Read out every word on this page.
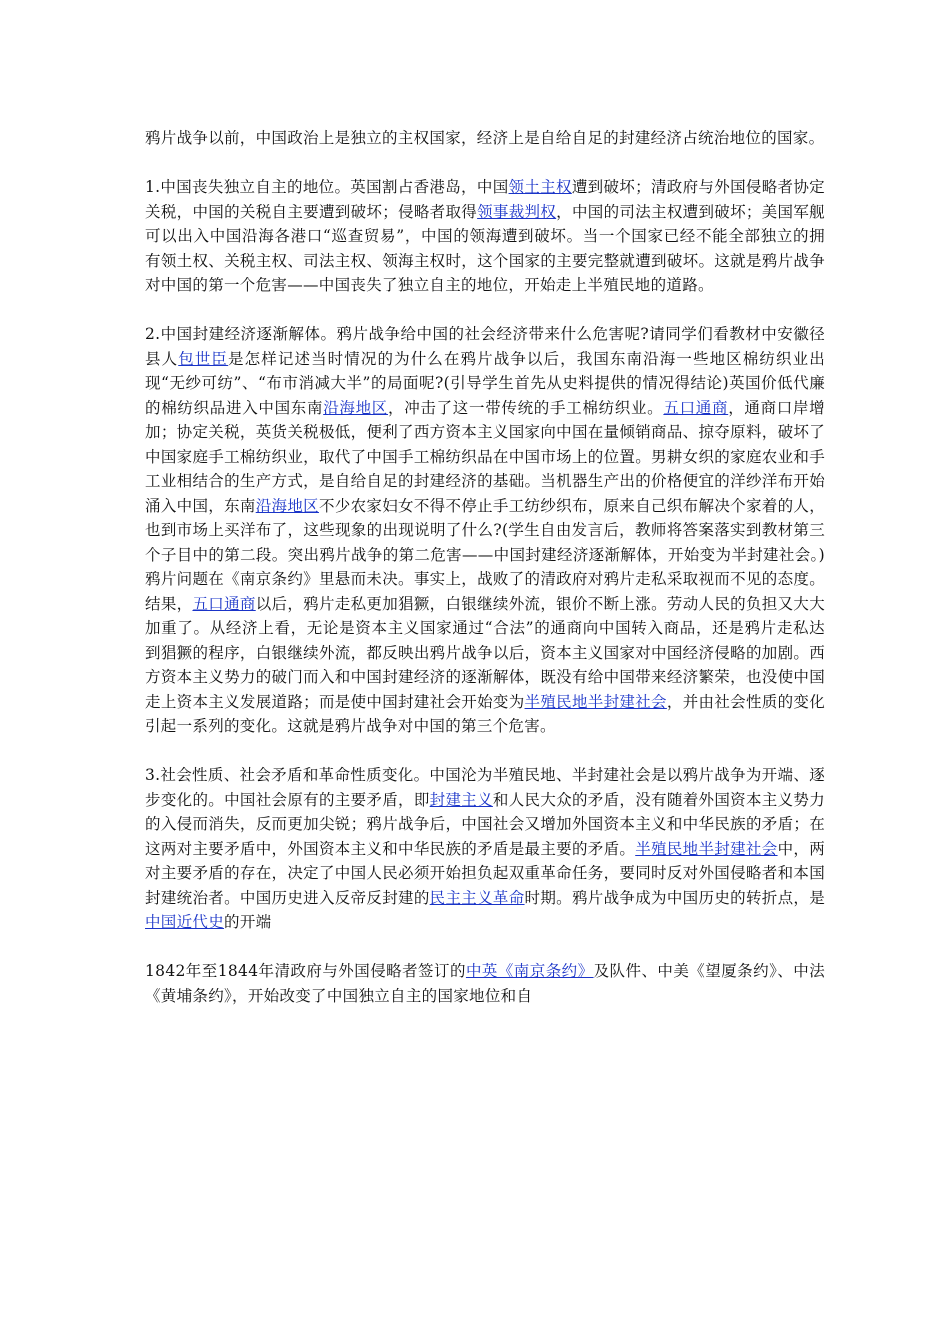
鸦片战争以前，中国政治上是独立的主权国家，经济上是自给自足的封建经济占统治地位的国家。

1.中国丧失独立自主的地位。英国割占香港岛，中国领土主权遭到破坏；清政府与外国侵略者协定关税，中国的关税自主要遭到破坏；侵略者取得领事裁判权，中国的司法主权遭到破坏；美国军舰可以出入中国沿海各港口“巡查贸易”，中国的领海遭到破坏。当一个国家已经不能全部独立的拥有领土权、关税主权、司法主权、领海主权时，这个国家的主要完整就遭到破坏。这就是鸦片战争对中国的第一个危害——中国丧失了独立自主的地位，开始走上半殖民地的道路。

2.中国封建经济逐渐解体。鸦片战争给中国的社会经济带来什么危害呢?请同学们看教材中安徽径县人包世臣是怎样记述当时情况的为什么在鸦片战争以后，我国东南沿海一些地区棉纺织业出现“无纱可纺”、“布市消减大半”的局面呢?(引导学生首先从史料提供的情况得结论)英国价低代廉的棉纺织品进入中国东南沿海地区，冲击了这一带传统的手工棉纺织业。五口通商，通商口岸增加；协定关税，英货关税极低，便利了西方资本主义国家向中国在量倾销商品、掠夺原料，破坏了中国家庭手工棉纺织业，取代了中国手工棉纺织品在中国市场上的位置。男耕女织的家庭农业和手工业相结合的生产方式，是自给自足的封建经济的基础。当机器生产出的价格便宜的洋纱洋布开始涌入中国，东南沿海地区不少农家妇女不得不停止手工纺纱织布，原来自己织布解决个家着的人，也到市场上买洋布了，这些现象的出现说明了什么?(学生自由发言后，教师将答案落实到教材第三个子目中的第二段。突出鸦片战争的第二危害——中国封建经济逐渐解体，开始变为半封建社会。)鸦片问题在《南京条约》里悬而未决。事实上，战败了的清政府对鸦片走私采取视而不见的态度。结果，五口通商以后，鸦片走私更加猖獗，白银继续外流，银价不断上涨。劳动人民的负担又大大加重了。从经济上看，无论是资本主义国家通过“合法”的通商向中国转入商品，还是鸦片走私达到猖獗的程序，白银继续外流，都反映出鸦片战争以后，资本主义国家对中国经济侵略的加剧。西方资本主义势力的破门而入和中国封建经济的逐渐解体，既没有给中国带来经济繁荣，也没使中国走上资本主义发展道路；而是使中国封建社会开始变为半殖民地半封建社会，并由社会性质的变化引起一系列的变化。这就是鸦片战争对中国的第三个危害。

3.社会性质、社会矛盾和革命性质变化。中国沦为半殖民地、半封建社会是以鸦片战争为开端、逐步变化的。中国社会原有的主要矛盾，即封建主义和人民大众的矛盾，没有随着外国资本主义势力的入侵而消失，反而更加尖锐；鸦片战争后，中国社会又增加外国资本主义和中华民族的矛盾；在这两对主要矛盾中，外国资本主义和中华民族的矛盾是最主要的矛盾。半殖民地半封建社会中，两对主要矛盾的存在，决定了中国人民必须开始担负起双重革命任务，要同时反对外国侵略者和本国封建统治者。中国历史进入反帝反封建的民主主义革命时期。鸦片战争成为中国历史的转折点，是中国近代史的开端

1842年至1844年清政府与外国侵略者签订的中英《南京条约》及队件、中美《望厦条约》、中法《黄埔条约》，开始改变了中国独立自主的国家地位和自
